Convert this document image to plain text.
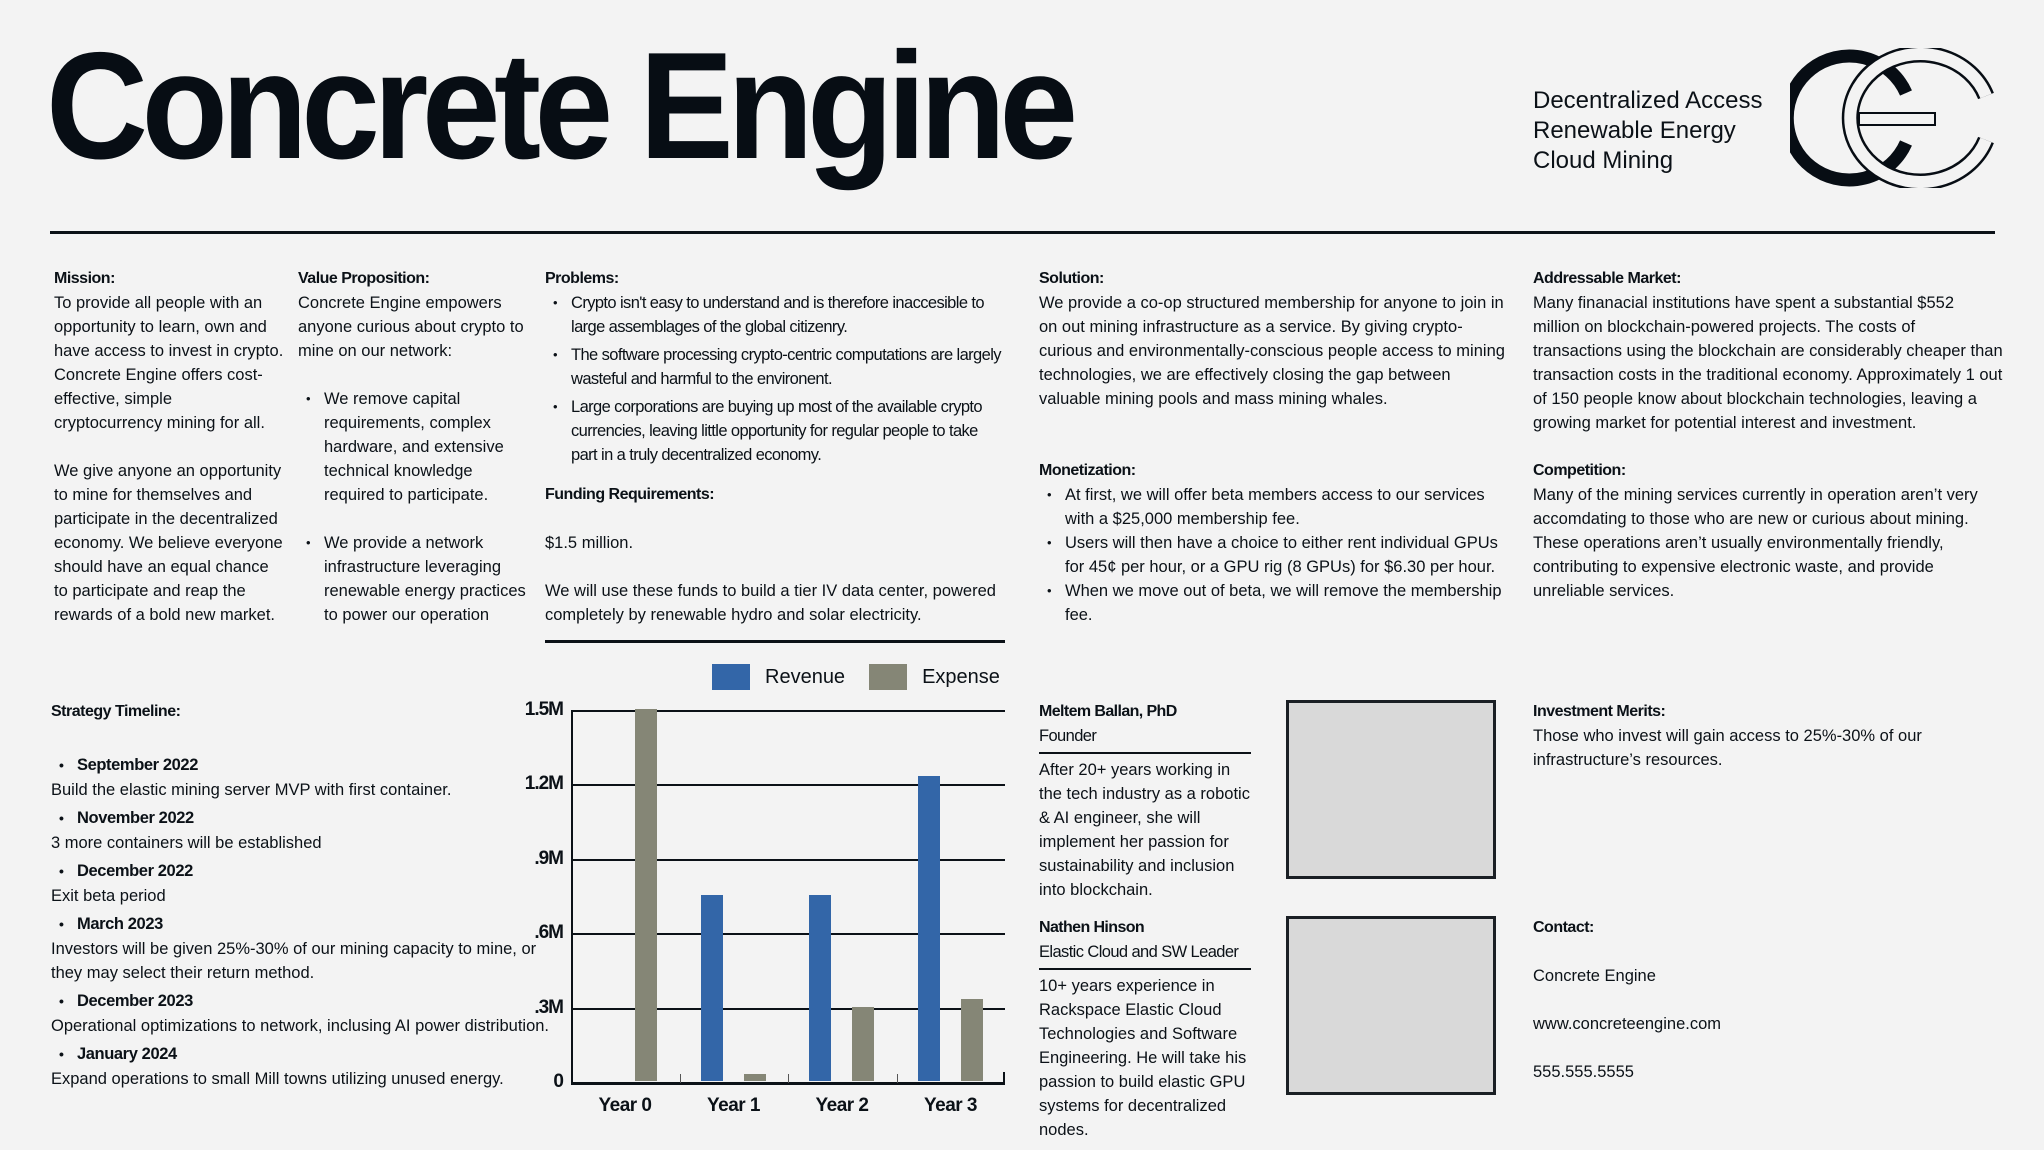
Concrete Engine	Decentralized Access
Renewable Energy
Cloud Mining
Mission:
To provide all people with an opportunity to learn, own and have access to invest in crypto. Concrete Engine offers cost-effective, simple cryptocurrency mining for all.
We give anyone an opportunity to mine for themselves and participate in the decentralized economy. We believe everyone should have an equal chance to participate and reap the rewards of a bold new market.
Value Proposition:
Concrete Engine empowers anyone curious about crypto to mine on our network:
• We remove capital requirements, complex hardware, and extensive technical knowledge required to participate.
• We provide a network infrastructure leveraging renewable energy practices to power our operation
Problems:
• Crypto isn't easy to understand and is therefore inaccesible to large assemblages of the global citizenry.
• The software processing crypto-centric computations are largely wasteful and harmful to the environent.
• Large corporations are buying up most of the available crypto currencies, leaving little opportunity for regular people to take part in a truly decentralized economy.
Funding Requirements:
$1.5 million.
We will use these funds to build a tier IV data center, powered completely by renewable hydro and solar electricity.
Solution:
We provide a co-op structured membership for anyone to join in on out mining infrastructure as a service. By giving crypto-curious and environmentally-conscious people access to mining technologies, we are effectively closing the gap between valuable mining pools and mass mining whales.
Monetization:
• At first, we will offer beta members access to our services with a $25,000 membership fee.
• Users will then have a choice to either rent individual GPUs for 45¢ per hour, or a GPU rig (8 GPUs) for $6.30 per hour.
• When we move out of beta, we will remove the membership fee.
Addressable Market:
Many finanacial institutions have spent a substantial $552 million on blockchain-powered projects. The costs of transactions using the blockchain are considerably cheaper than transaction costs in the traditional economy. Approximately 1 out of 150 people know about blockchain technologies, leaving a growing market for potential interest and investment.
Competition:
Many of the mining services currently in operation aren’t very accomdating to those who are new or curious about mining. These operations aren’t usually environmentally friendly, contributing to expensive electronic waste, and provide unreliable services.
Strategy Timeline:
• September 2022
Build the elastic mining server MVP with first container.
• November 2022
3 more containers will be established
• December 2022
Exit beta period
• March 2023
Investors will be given 25%-30% of our mining capacity to mine, or they may select their return method.
• December 2023
Operational optimizations to network, inclusing AI power distribution.
• January 2024
Expand operations to small Mill towns utilizing unused energy.
Revenue	Expense
0
.3M
.6M
.9M
1.2M
1.5M
Year 0	Year 1	Year 2	Year 3
Meltem Ballan, PhD
Founder
After 20+ years working in the tech industry as a robotic & AI engineer, she will implement her passion for sustainability and inclusion into blockchain.
Nathen Hinson
Elastic Cloud and SW Leader
10+ years experience in Rackspace Elastic Cloud Technologies and Software Engineering. He will take his passion to build elastic GPU systems for decentralized nodes.
Investment Merits:
Those who invest will gain access to 25%-30% of our infrastructure’s resources.
Contact:
Concrete Engine
www.concreteengine.com
555.555.5555
